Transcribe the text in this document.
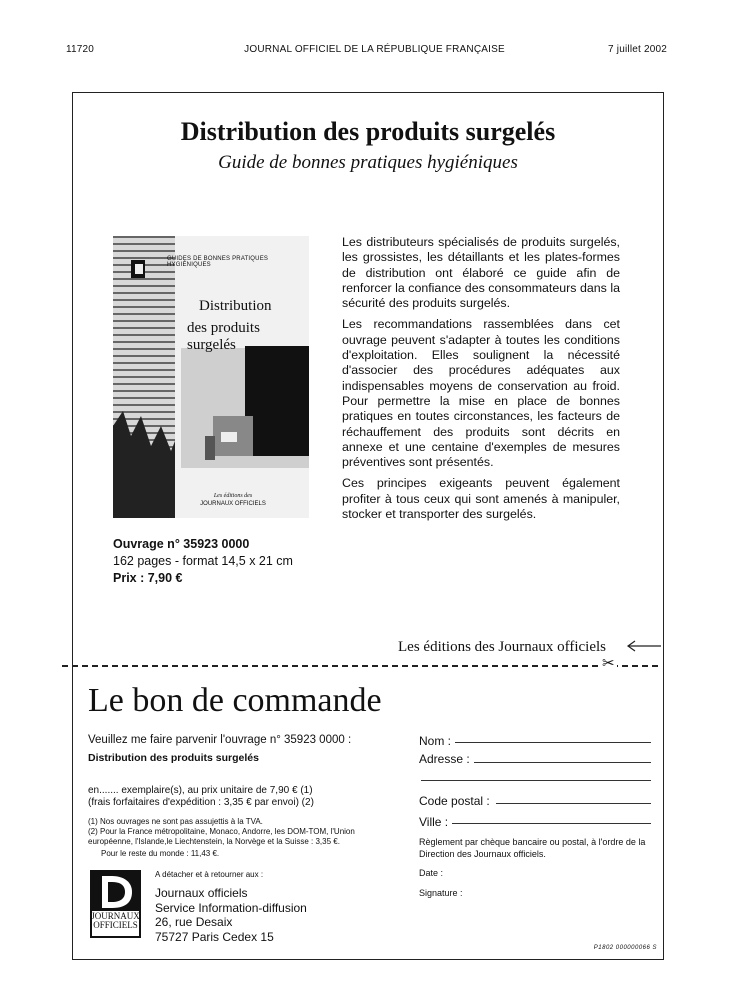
11720	JOURNAL OFFICIEL DE LA RÉPUBLIQUE FRANÇAISE	7 juillet 2002
Distribution des produits surgelés
Guide de bonnes pratiques hygiéniques
GUIDES DE BONNES PRATIQUES HYGIÉNIQUES
Distribution
des produits surgelés
Les éditions des
JOURNAUX OFFICIELS

Les distributeurs spécialisés de produits surgelés, les grossistes, les détaillants et les plates-formes de distribution ont élaboré ce guide afin de renforcer la confiance des consommateurs dans la sécurité des produits surgelés.

Les recommandations rassemblées dans cet ouvrage peuvent s'adapter à toutes les conditions d'exploitation. Elles soulignent la nécessité d'associer des procédures adéquates aux indispensables moyens de conservation au froid. Pour permettre la mise en place de bonnes pratiques en toutes circonstances, les facteurs de réchauffement des produits sont décrits en annexe et une centaine d'exemples de mesures préventives sont présentés.

Ces principes exigeants peuvent également profiter à tous ceux qui sont amenés à manipuler, stocker et transporter des surgelés.

Ouvrage n° 35923 0000
162 pages - format 14,5 x 21 cm
Prix : 7,90 €
Les éditions des Journaux officiels
✂
Le bon de commande
Veuillez me faire parvenir l'ouvrage n° 35923 0000 :
Distribution des produits surgelés
en....... exemplaire(s), au prix unitaire de 7,90 € (1)
(frais forfaitaires d'expédition : 3,35 € par envoi) (2)
(1) Nos ouvrages ne sont pas assujettis à la TVA.
(2) Pour la France métropolitaine, Monaco, Andorre, les DOM-TOM, l'Union européenne, l'Islande,le Liechtenstein, la Norvège et la Suisse : 3,35 €.
Pour le reste du monde : 11,43 €.
A détacher et à retourner aux :
Journaux officiels
Service Information-diffusion
26, rue Desaix
75727 Paris Cedex 15
JOURNAUX
OFFICIELS
Nom :
Adresse :
Code postal :
Ville :
Règlement par chèque bancaire ou postal, à l'ordre de la Direction des Journaux officiels.
Date :
Signature :
P1802 000000066 S
